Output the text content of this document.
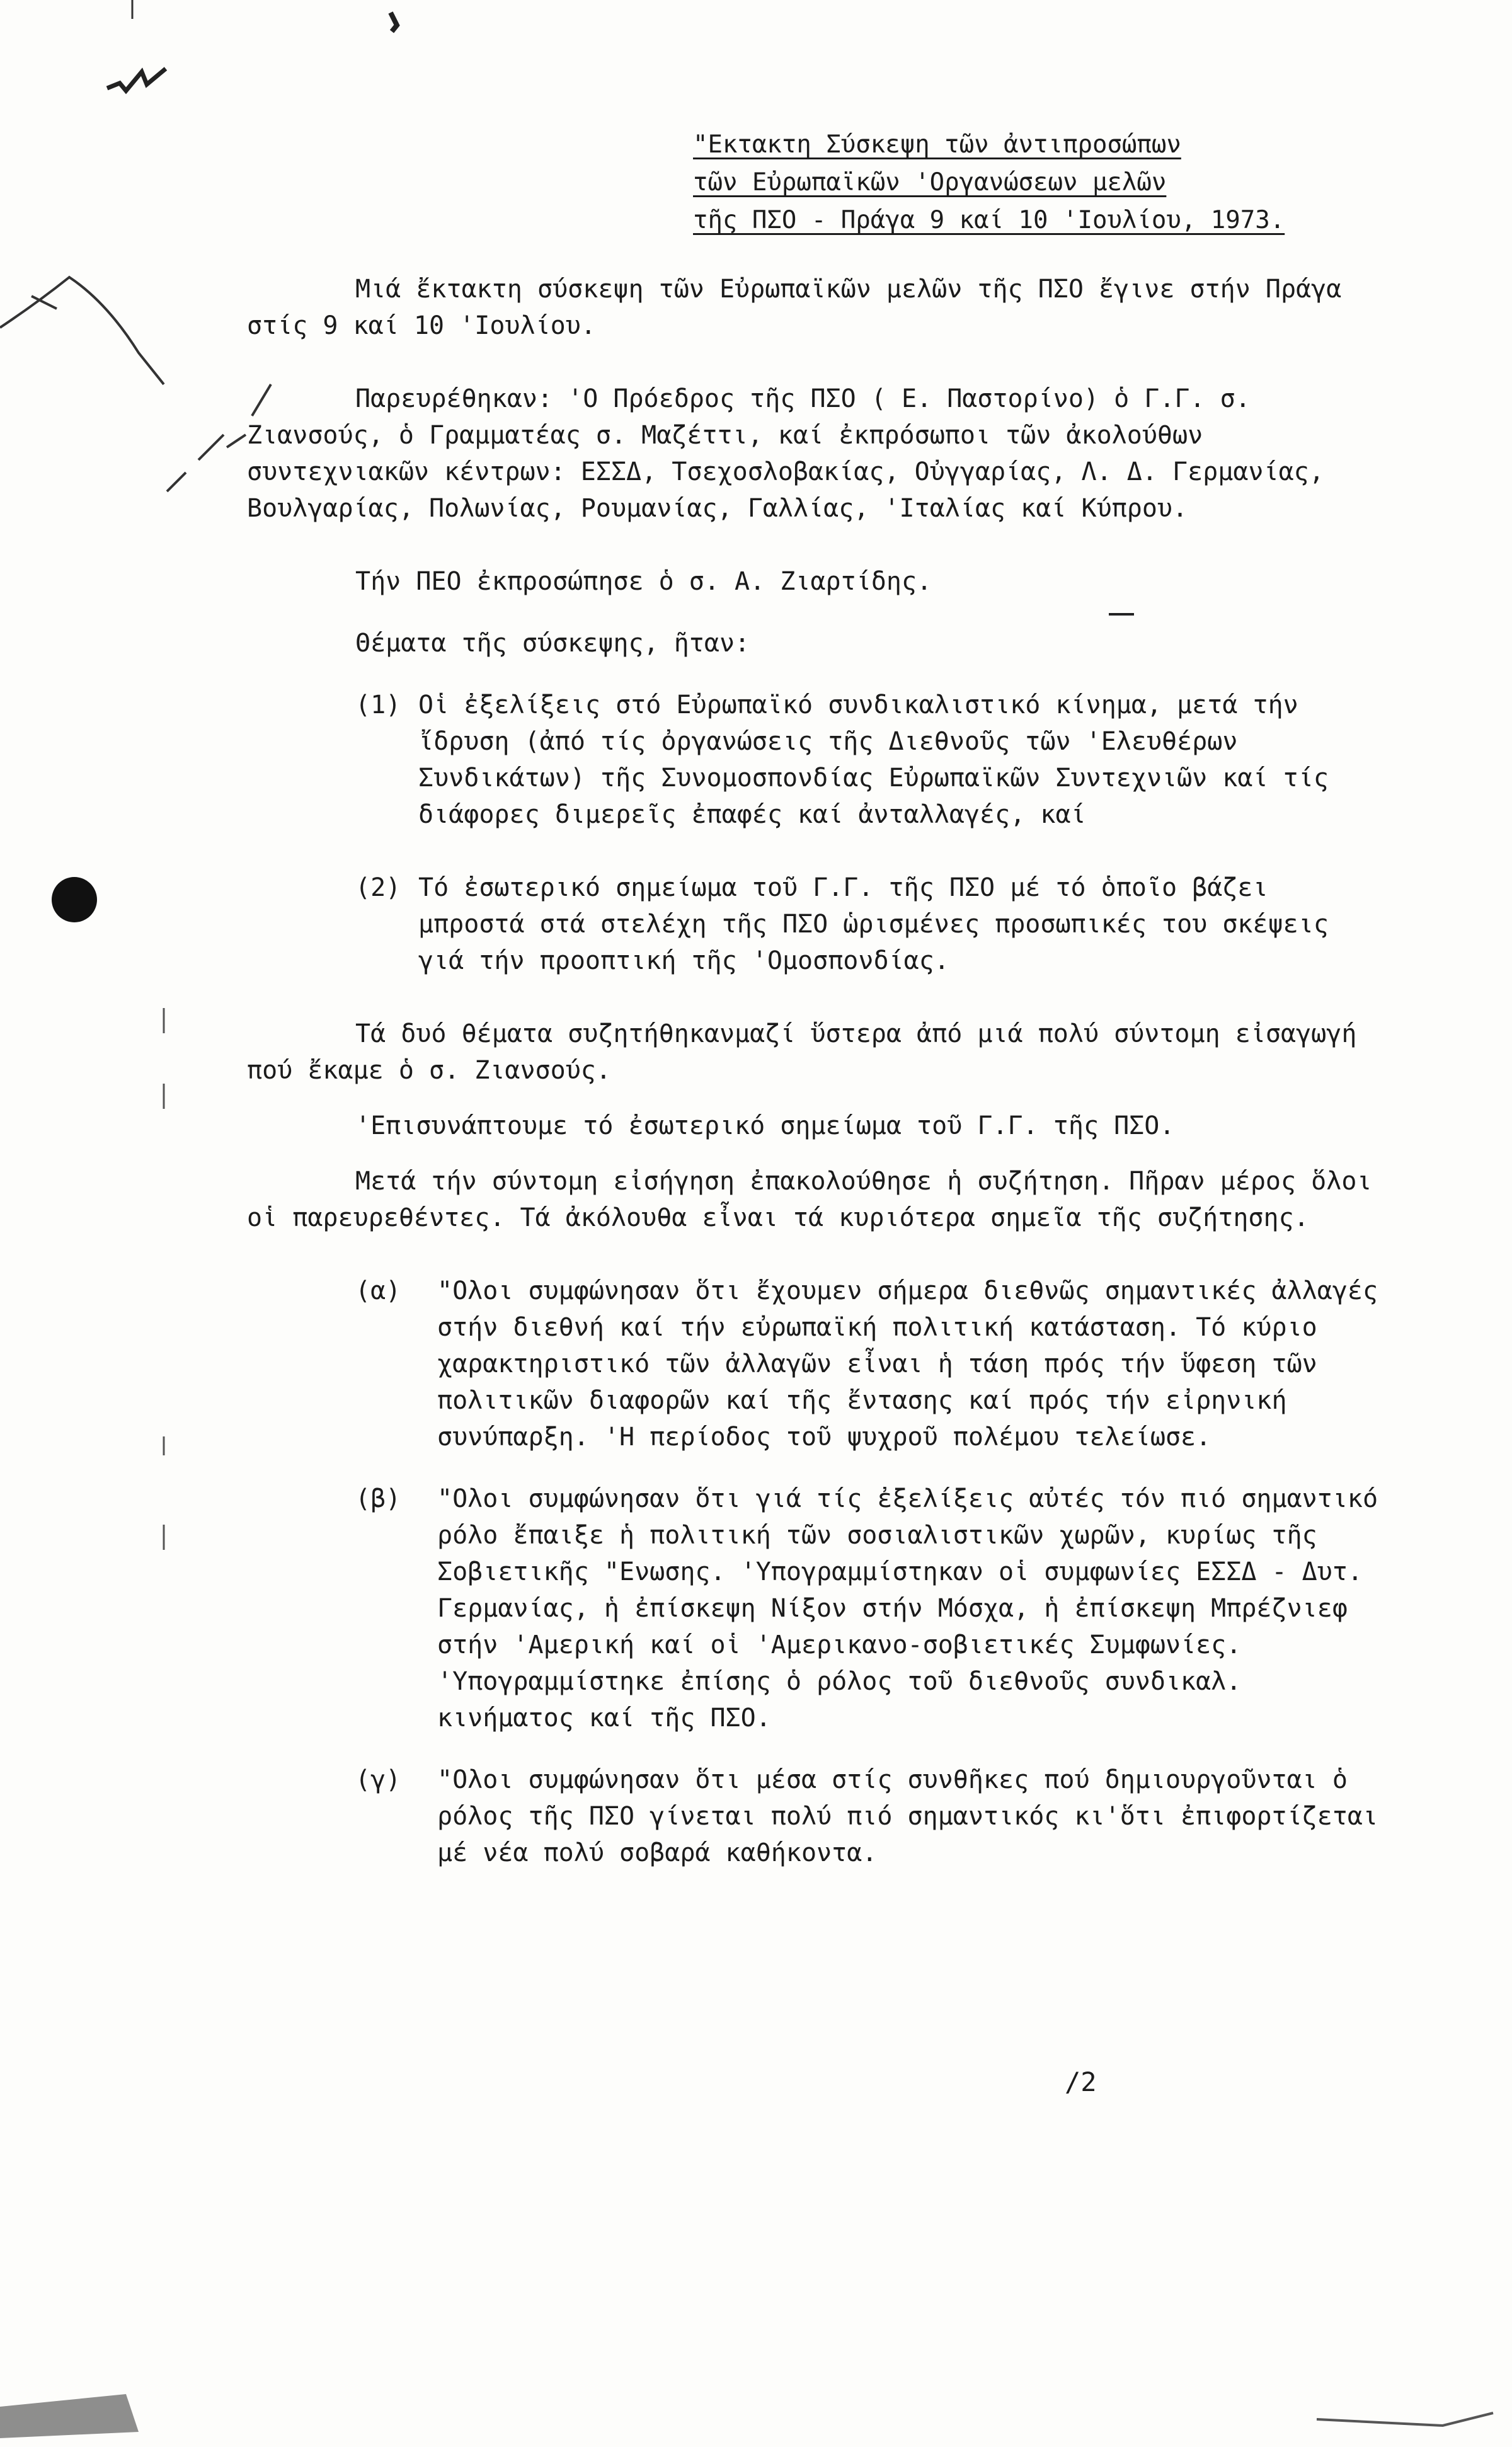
"Εκτακτη Σύσκεψη τῶν ἀντιπροσώπων
τῶν Εὐρωπαϊκῶν 'Οργανώσεων μελῶν
τῆς ΠΣΟ - Πράγα 9 καί 10 'Ιουλίου, 1973.

Μιά ἔκτακτη σύσκεψη τῶν Εὐρωπαϊκῶν μελῶν τῆς ΠΣΟ ἔγινε στήν Πράγα στίς 9 καί 10 'Ιουλίου.

Παρευρέθηκαν: 'Ο Πρόεδρος τῆς ΠΣΟ ( Ε. Παστορίνο) ὁ Γ.Γ. σ. Ζιανσούς, ὁ Γραμματέας σ. Μαζέττι, καί ἐκπρόσωποι τῶν ἀκολούθων συντεχνιακῶν κέντρων: ΕΣΣΔ, Τσεχοσλοβακίας, Οὐγγαρίας, Λ. Δ. Γερμανίας, Βουλγαρίας, Πολωνίας, Ρουμανίας, Γαλλίας, 'Ιταλίας καί Κύπρου.

Τήν ΠΕΟ ἐκπροσώπησε ὁ σ. Α. Ζιαρτίδης.

Θέματα τῆς σύσκεψης, ῆταν:

(1) Οἱ ἐξελίξεις στό Εὐρωπαϊκό συνδικαλιστικό κίνημα, μετά τήν ἴδρυση (ἀπό τίς ὀργανώσεις τῆς Διεθνοῦς τῶν 'Ελευθέρων Συνδικάτων) τῆς Συνομοσπονδίας Εὐρωπαϊκῶν Συντεχνιῶν καί τίς διάφορες διμερεῖς ἐπαφές καί ἀνταλλαγές, καί
(2) Τό ἐσωτερικό σημείωμα τοῦ Γ.Γ. τῆς ΠΣΟ μέ τό ὁποῖο βάζει μπροστά στά στελέχη τῆς ΠΣΟ ὡρισμένες προσωπικές του σκέψεις γιά τήν προοπτική τῆς 'Ομοσπονδίας.

Τά δυό θέματα συζητήθηκανμαζί ὕστερα ἀπό μιά πολύ σύντομη εἰσαγωγή πού ἔκαμε ὁ σ. Ζιανσούς.

'Επισυνάπτουμε τό ἐσωτερικό σημείωμα τοῦ Γ.Γ. τῆς ΠΣΟ.

Μετά τήν σύντομη εἰσήγηση ἐπακολούθησε ἡ συζήτηση. Πῆραν μέρος ὅλοι οἱ παρευρεθέντες. Τά ἀκόλουθα εἶναι τά κυριότερα σημεῖα τῆς συζήτησης.

(α)	"Ολοι συμφώνησαν ὅτι ἔχουμεν σήμερα διεθνῶς σημαντικές ἀλλαγές στήν διεθνή καί τήν εὐρωπαϊκή πολιτική κατάσταση. Τό κύριο χαρακτηριστικό τῶν ἀλλαγῶν εἶναι ἡ τάση πρός τήν ὕφεση τῶν πολιτικῶν διαφορῶν καί τῆς ἔντασης καί πρός τήν εἰρηνική συνύπαρξη. 'Η περίοδος τοῦ ψυχροῦ πολέμου τελείωσε.
(β)	"Ολοι συμφώνησαν ὅτι γιά τίς ἐξελίξεις αὐτές τόν πιό σημαντικό ρόλο ἔπαιξε ἡ πολιτική τῶν σοσιαλιστικῶν χωρῶν, κυρίως τῆς Σοβιετικῆς "Ενωσης. 'Υπογραμμίστηκαν οἱ συμφωνίες ΕΣΣΔ - Δυτ. Γερμανίας, ἡ ἐπίσκεψη Νίξον στήν Μόσχα, ἡ ἐπίσκεψη Μπρέζνιεφ στήν 'Αμερική καί οἱ 'Αμερικανο-σοβιετικές Συμφωνίες. 'Υπογραμμίστηκε ἐπίσης ὁ ρόλος τοῦ διεθνοῦς συνδικαλ. κινήματος καί τῆς ΠΣΟ.
(γ)	"Ολοι συμφώνησαν ὅτι μέσα στίς συνθῆκες πού δημιουργοῦνται ὁ ρόλος τῆς ΠΣΟ γίνεται πολύ πιό σημαντικός κι'ὅτι ἐπιφορτίζεται μέ νέα πολύ σοβαρά καθήκοντα.
/2
